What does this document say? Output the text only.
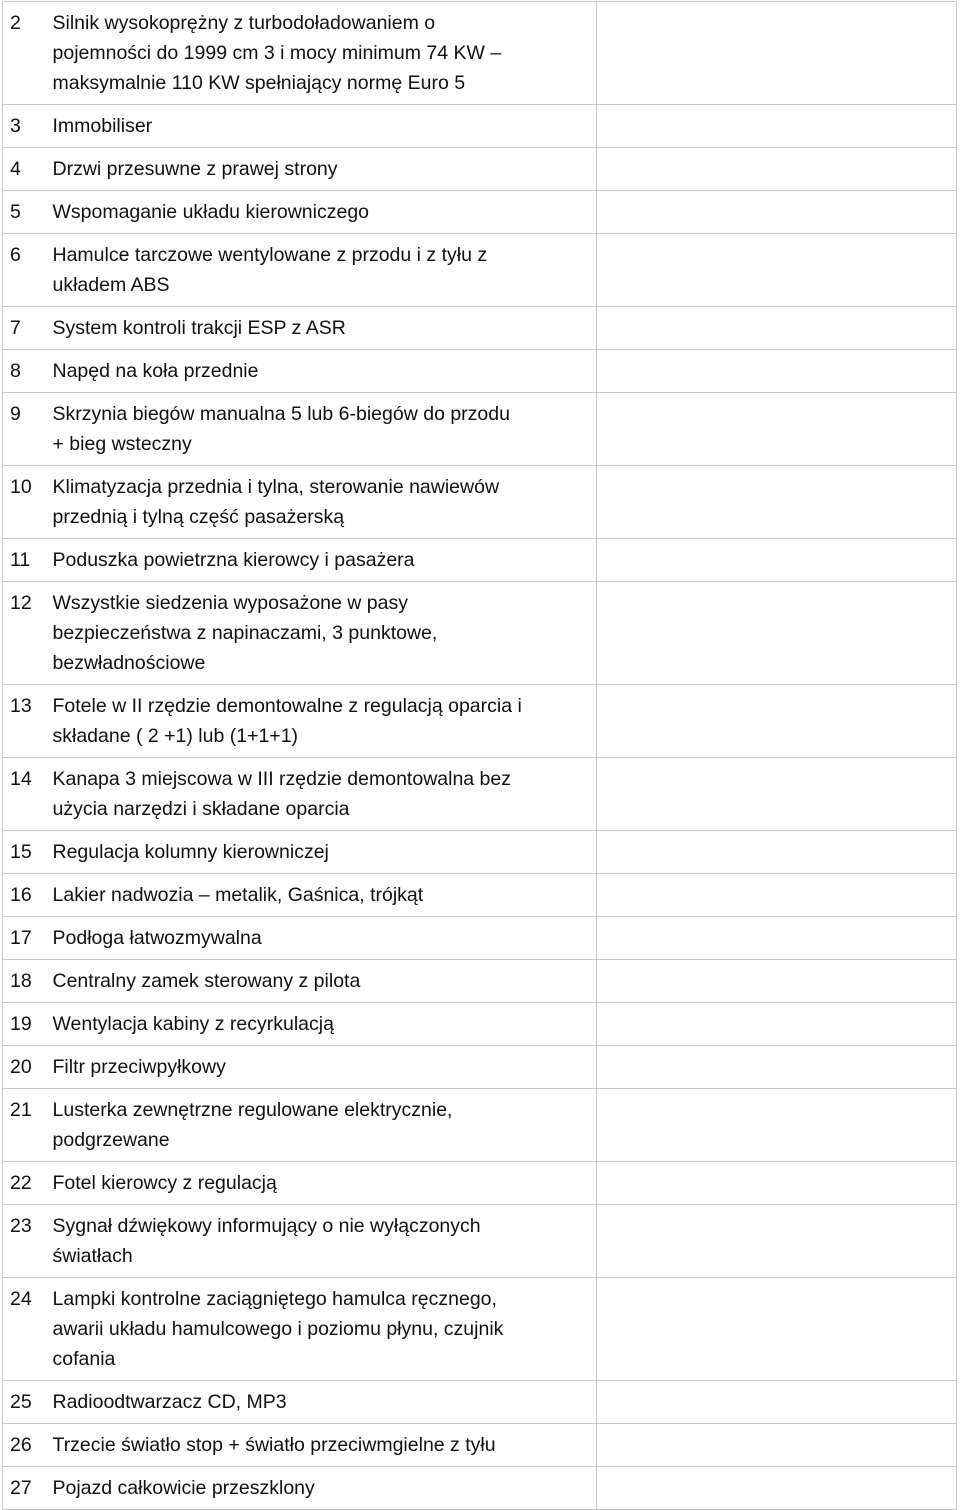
2	Silnik wysokoprężny z turbodoładowaniem o
pojemności do 1999 cm 3 i mocy minimum 74 KW –
maksymalnie 110 KW spełniający normę Euro 5	

3	Immobiliser	

4	Drzwi przesuwne z prawej strony	

5	Wspomaganie układu kierowniczego	

6	Hamulce tarczowe wentylowane z przodu i z tyłu z
układem ABS	

7	System kontroli trakcji ESP z ASR	

8	Napęd na koła przednie	

9	Skrzynia biegów manualna 5 lub 6-biegów do przodu
+ bieg wsteczny	

10	Klimatyzacja przednia i tylna, sterowanie nawiewów
przednią i tylną część pasażerską	

11	Poduszka powietrzna kierowcy i pasażera	

12	Wszystkie siedzenia wyposażone w pasy
bezpieczeństwa z napinaczami, 3 punktowe,
bezwładnościowe	

13	Fotele w II rzędzie demontowalne z regulacją oparcia i
składane ( 2 +1) lub (1+1+1)	

14	Kanapa 3 miejscowa w III rzędzie demontowalna bez
użycia narzędzi i składane oparcia	

15	Regulacja kolumny kierowniczej	

16	Lakier nadwozia – metalik, Gaśnica, trójkąt	

17	Podłoga łatwozmywalna	

18	Centralny zamek sterowany z pilota	

19	Wentylacja kabiny z recyrkulacją	

20	Filtr przeciwpyłkowy	

21	Lusterka zewnętrzne regulowane elektrycznie,
podgrzewane	

22	Fotel kierowcy z regulacją	

23	Sygnał dźwiękowy informujący o nie wyłączonych
światłach	

24	Lampki kontrolne zaciągniętego hamulca ręcznego,
awarii układu hamulcowego i poziomu płynu, czujnik
cofania	

25	Radioodtwarzacz CD, MP3	

26	Trzecie światło stop + światło przeciwmgielne z tyłu	

27	Pojazd całkowicie przeszklony	
